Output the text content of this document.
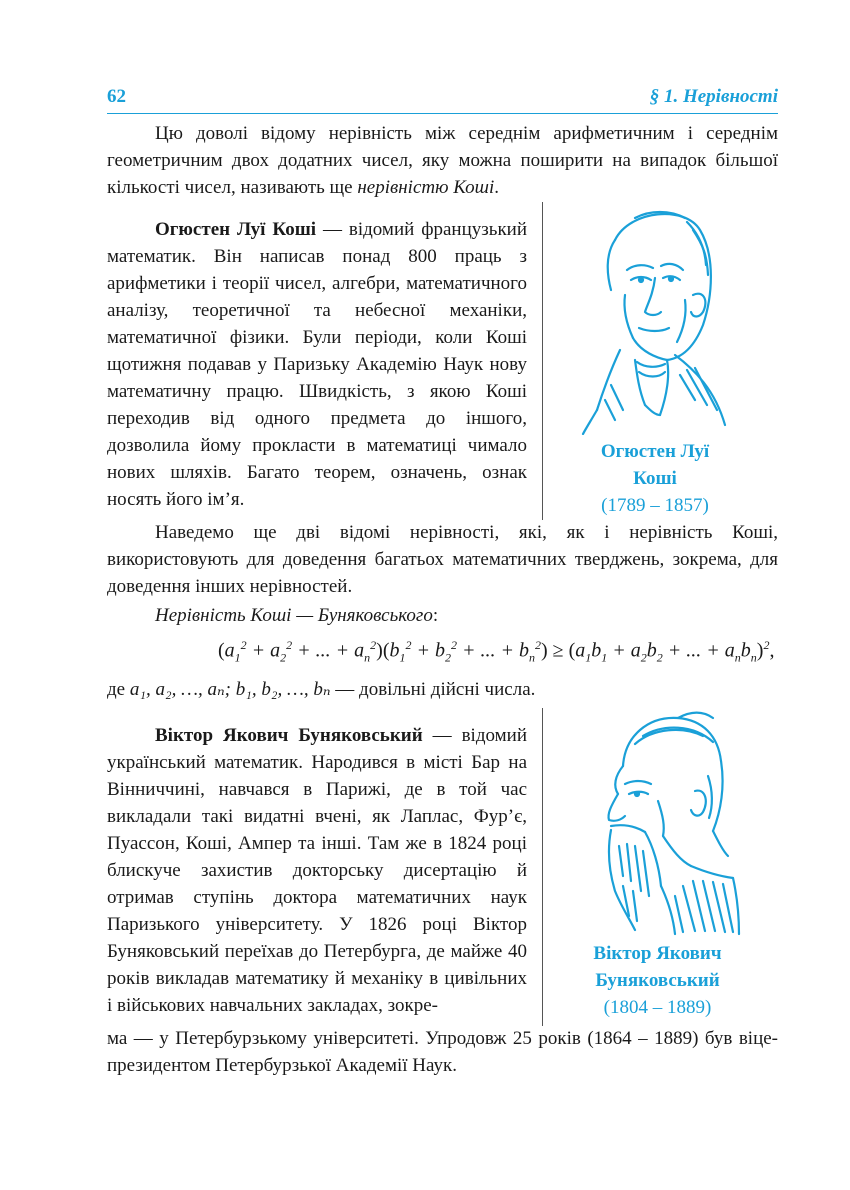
62	§ 1. Нерівності

Цю доволі відому нерівність між середнім арифметичним і середнім геометричним двох додатних чисел, яку можна поширити на випадок більшої кількості чисел, називають ще нерівністю Коші.

Огюстен Луї Коші — відомий французький математик. Він написав понад 800 праць з арифметики і теорії чисел, алгебри, математичного аналізу, теоретичної та небесної механіки, математичної фізики. Були періоди, коли Коші щотижня подавав у Паризьку Академію Наук нову математичну працю. Швидкість, з якою Коші переходив від одного предмета до іншого, дозволила йому прокласти в математиці чимало нових шляхів. Багато теорем, означень, ознак носять його ім’я.

Огюстен Луї
Коші
(1789 – 1857)

Наведемо ще дві відомі нерівності, які, як і нерівність Коші, використовують для доведення багатьох математичних тверджень, зокрема, для доведення інших нерівностей.

Нерівність Коші — Буняковського:

($a_1^2 + a_2^2$ + ... + $a_n^2)(b_1^2 + b_2^2$ + ... + $b_n^2) \ge (a_1b_1 + a_2b_2$ + ... + $a_nb_n)^2$,

де a₁, a₂, …, aₙ; b₁, b₂, …, bₙ — довільні дійсні числа.

Віктор Якович Буняковський — відомий український математик. Народився в місті Бар на Вінниччині, навчався в Парижі, де в той час викладали такі видатні вчені, як Лаплас, Фур’є, Пуассон, Коші, Ампер та інші. Там же в 1824 році блискуче захистив докторську дисертацію й отримав ступінь доктора математичних наук Паризького університету. У 1826 році Віктор Буняковський переїхав до Петербурга, де майже 40 років викладав математику й механіку в цивільних і військових навчальних закладах, зокре-

ма — у Петербурзькому університеті. Упродовж 25 років (1864 – 1889) був віце-президентом Петербурзької Академії Наук.

Віктор Якович
Буняковський
(1804 – 1889)
